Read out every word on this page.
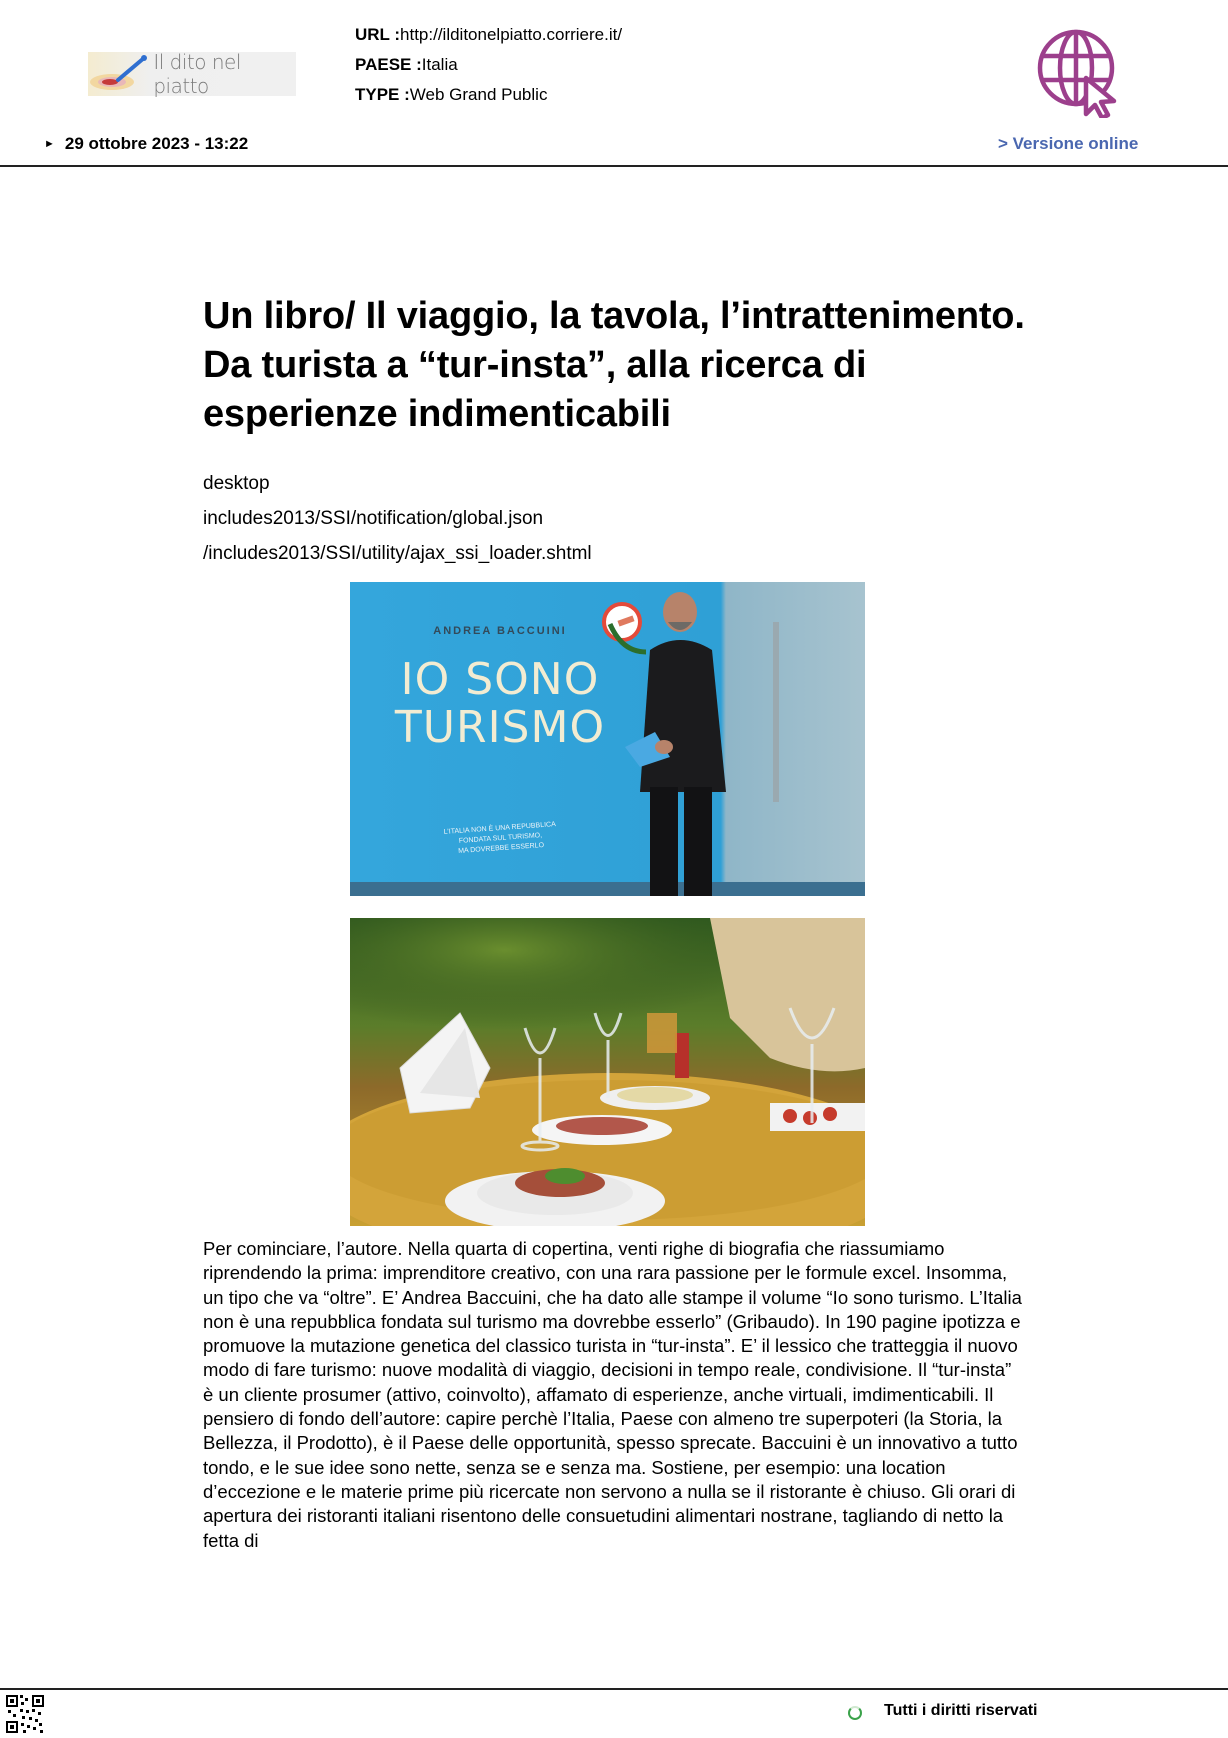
Il dito nel piatto
URL :http://ilditonelpiatto.corriere.it/
PAESE :Italia
TYPE :Web Grand Public
► 29 ottobre 2023 - 13:22	> Versione online
Un libro/ Il viaggio, la tavola, l’intrattenimento. Da turista a “tur-insta”, alla ricerca di esperienze indimenticabili
desktop
includes2013/SSI/notification/global.json
/includes2013/SSI/utility/ajax_ssi_loader.shtml
ANDREA BACCUINI
IO SONO
TURISMO
L’ITALIA NON È UNA REPUBBLICA
FONDATA SUL TURISMO,
MA DOVREBBE ESSERLO

Per cominciare, l’autore. Nella quarta di copertina, venti righe di biografia che riassumiamo riprendendo la prima: imprenditore creativo, con una rara passione per le formule excel. Insomma, un tipo che va “oltre”. E’ Andrea Baccuini, che ha dato alle stampe il volume “Io sono turismo. L’Italia non è una repubblica fondata sul turismo ma dovrebbe esserlo” (Gribaudo). In 190 pagine ipotizza e promuove la mutazione genetica del classico turista in “tur-insta”. E’ il lessico che tratteggia il nuovo modo di fare turismo: nuove modalità di viaggio, decisioni in tempo reale, condivisione. Il “tur-insta” è un cliente prosumer (attivo, coinvolto), affamato di esperienze, anche virtuali, imdimenticabili. Il pensiero di fondo dell’autore: capire perchè l’Italia, Paese con almeno tre superpoteri (la Storia, la Bellezza, il Prodotto), è il Paese delle opportunità, spesso sprecate. Baccuini è un innovativo a tutto tondo, e le sue idee sono nette, senza se e senza ma. Sostiene, per esempio: una location d’eccezione e le materie prime più ricercate non servono a nulla se il ristorante è chiuso. Gli orari di apertura dei ristoranti italiani risentono delle consuetudini alimentari nostrane, tagliando di netto la fetta di

Tutti i diritti riservati
